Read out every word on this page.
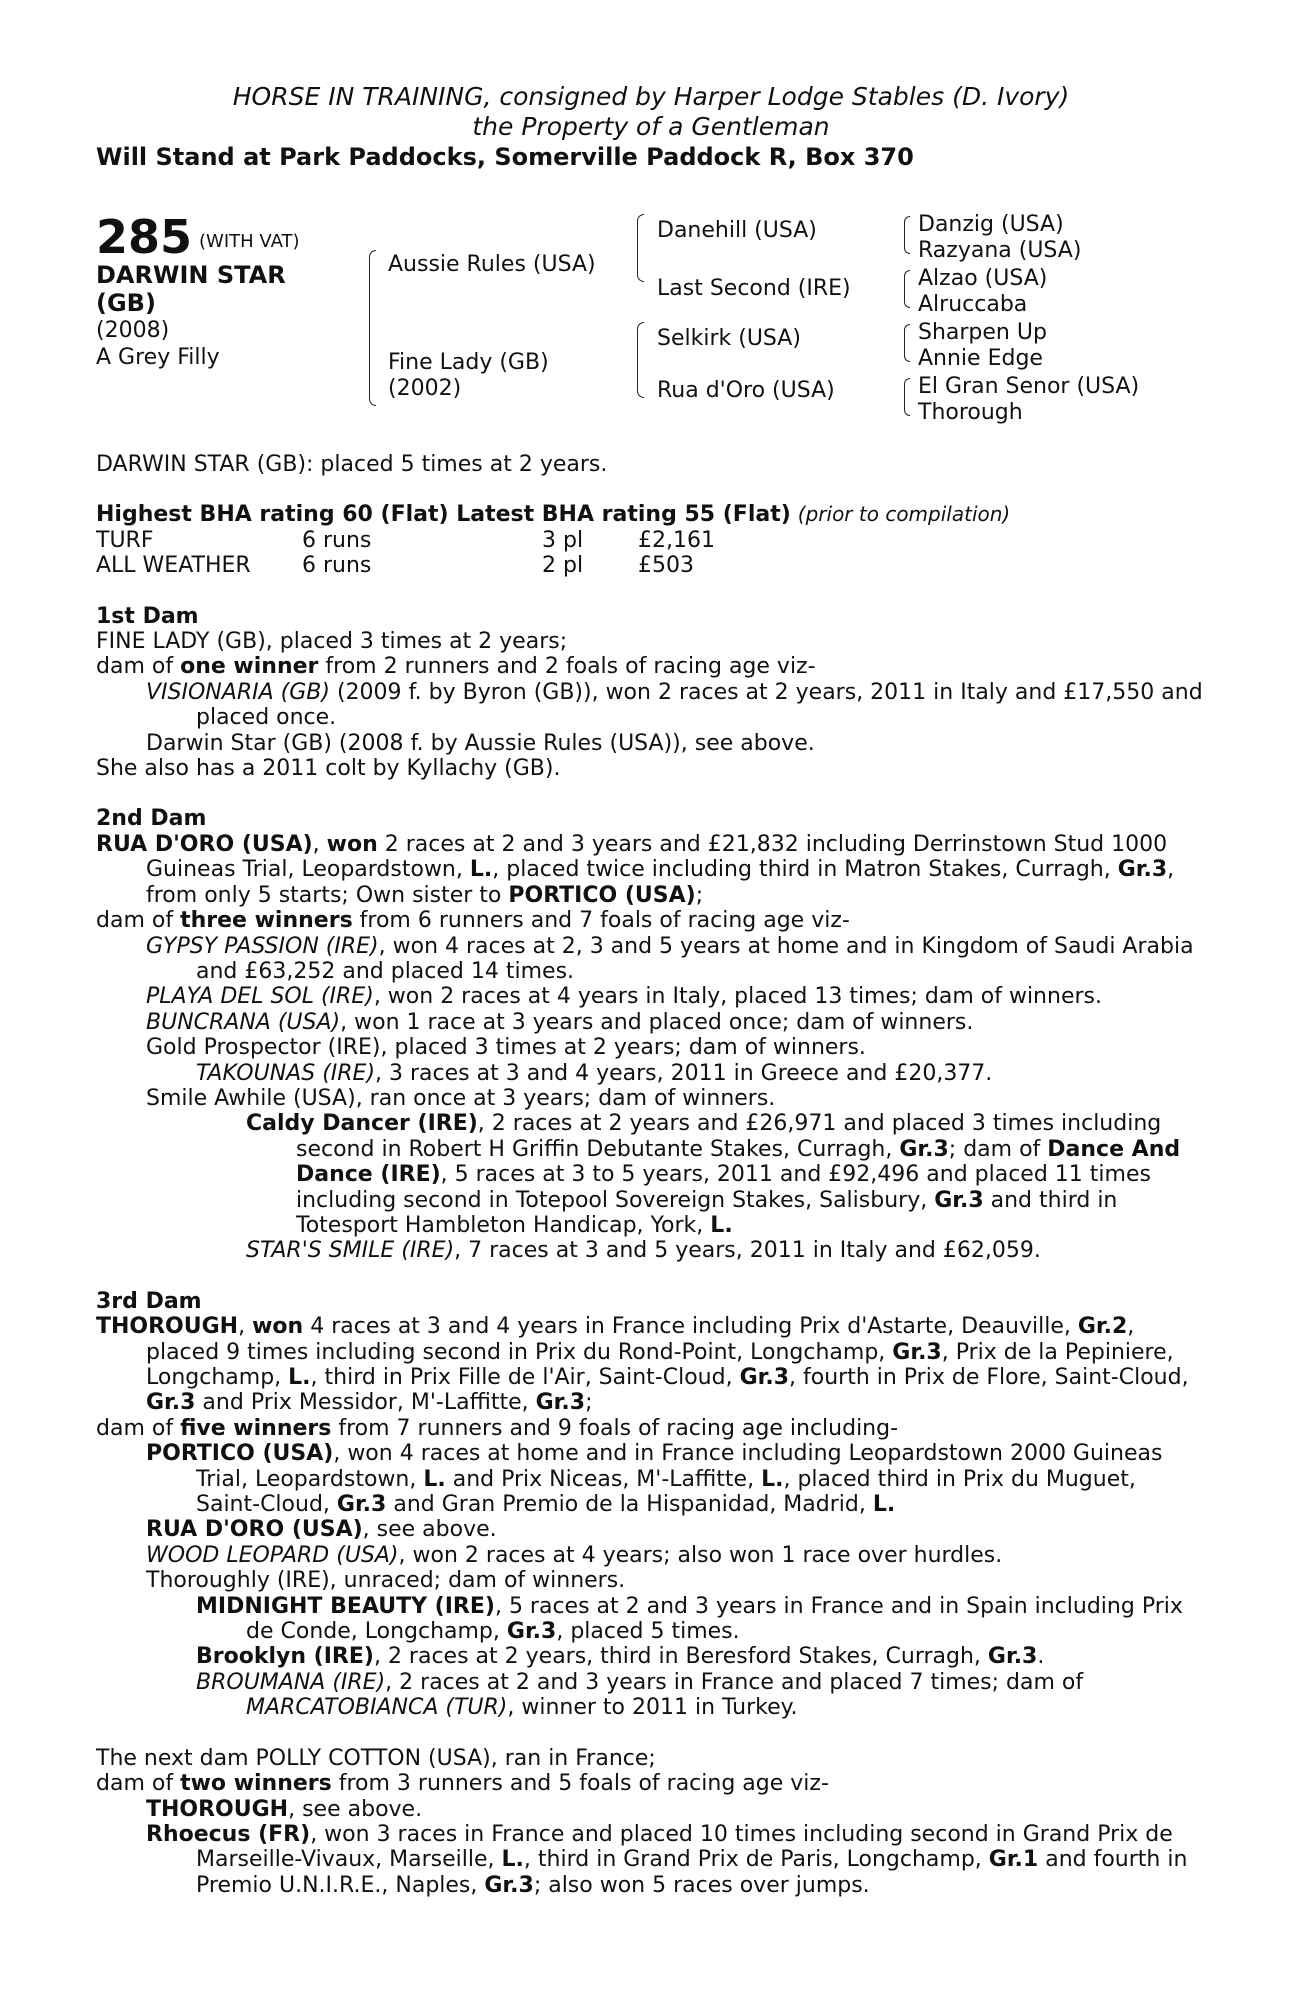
HORSE IN TRAINING, consigned by Harper Lodge Stables (D. Ivory)
the Property of a Gentleman
Will Stand at Park Paddocks, Somerville Paddock R, Box 370
285 $^{(WITH VAT)}$
DARWIN STAR
(GB)
(2008)
A Grey Filly
Aussie Rules (USA)
Fine Lady (GB)
(2002)
Danehill (USA)
Last Second (IRE)
Selkirk (USA)
Rua d'Oro (USA)
Danzig (USA)
Razyana (USA)
Alzao (USA)
Alruccaba
Sharpen Up
Annie Edge
El Gran Senor (USA)
Thorough

DARWIN STAR (GB): placed 5 times at 2 years.

Highest BHA rating 60 (Flat) Latest BHA rating 55 (Flat) (prior to compilation)
TURF	6 runs	3 pl	£2,161
ALL WEATHER	6 runs	2 pl	£503
1st Dam
FINE LADY (GB), placed 3 times at 2 years;
dam of one winner from 2 runners and 2 foals of racing age viz-
VISIONARIA (GB) (2009 f. by Byron (GB)), won 2 races at 2 years, 2011 in Italy and £17,550 and placed once.
Darwin Star (GB) (2008 f. by Aussie Rules (USA)), see above.
She also has a 2011 colt by Kyllachy (GB).
2nd Dam
RUA D'ORO (USA), won 2 races at 2 and 3 years and £21,832 including Derrinstown Stud 1000 Guineas Trial, Leopardstown, L., placed twice including third in Matron Stakes, Curragh, Gr.3, from only 5 starts; Own sister to PORTICO (USA);
dam of three winners from 6 runners and 7 foals of racing age viz-
GYPSY PASSION (IRE), won 4 races at 2, 3 and 5 years at home and in Kingdom of Saudi Arabia and £63,252 and placed 14 times.
PLAYA DEL SOL (IRE), won 2 races at 4 years in Italy, placed 13 times; dam of winners.
BUNCRANA (USA), won 1 race at 3 years and placed once; dam of winners.
Gold Prospector (IRE), placed 3 times at 2 years; dam of winners.
TAKOUNAS (IRE), 3 races at 3 and 4 years, 2011 in Greece and £20,377.
Smile Awhile (USA), ran once at 3 years; dam of winners.
Caldy Dancer (IRE), 2 races at 2 years and £26,971 and placed 3 times including second in Robert H Griffin Debutante Stakes, Curragh, Gr.3; dam of Dance And Dance (IRE), 5 races at 3 to 5 years, 2011 and £92,496 and placed 11 times including second in Totepool Sovereign Stakes, Salisbury, Gr.3 and third in Totesport Hambleton Handicap, York, L.
STAR'S SMILE (IRE), 7 races at 3 and 5 years, 2011 in Italy and £62,059.
3rd Dam
THOROUGH, won 4 races at 3 and 4 years in France including Prix d'Astarte, Deauville, Gr.2, placed 9 times including second in Prix du Rond-Point, Longchamp, Gr.3, Prix de la Pepiniere, Longchamp, L., third in Prix Fille de l'Air, Saint-Cloud, Gr.3, fourth in Prix de Flore, Saint-Cloud, Gr.3 and Prix Messidor, M'-Laffitte, Gr.3;
dam of five winners from 7 runners and 9 foals of racing age including-
PORTICO (USA), won 4 races at home and in France including Leopardstown 2000 Guineas Trial, Leopardstown, L. and Prix Niceas, M'-Laffitte, L., placed third in Prix du Muguet, Saint-Cloud, Gr.3 and Gran Premio de la Hispanidad, Madrid, L.
RUA D'ORO (USA), see above.
WOOD LEOPARD (USA), won 2 races at 4 years; also won 1 race over hurdles.
Thoroughly (IRE), unraced; dam of winners.
MIDNIGHT BEAUTY (IRE), 5 races at 2 and 3 years in France and in Spain including Prix de Conde, Longchamp, Gr.3, placed 5 times.
Brooklyn (IRE), 2 races at 2 years, third in Beresford Stakes, Curragh, Gr.3.
BROUMANA (IRE), 2 races at 2 and 3 years in France and placed 7 times; dam of MARCATOBIANCA (TUR), winner to 2011 in Turkey.
The next dam POLLY COTTON (USA), ran in France;
dam of two winners from 3 runners and 5 foals of racing age viz-
THOROUGH, see above.
Rhoecus (FR), won 3 races in France and placed 10 times including second in Grand Prix de Marseille-Vivaux, Marseille, L., third in Grand Prix de Paris, Longchamp, Gr.1 and fourth in Premio U.N.I.R.E., Naples, Gr.3; also won 5 races over jumps.
